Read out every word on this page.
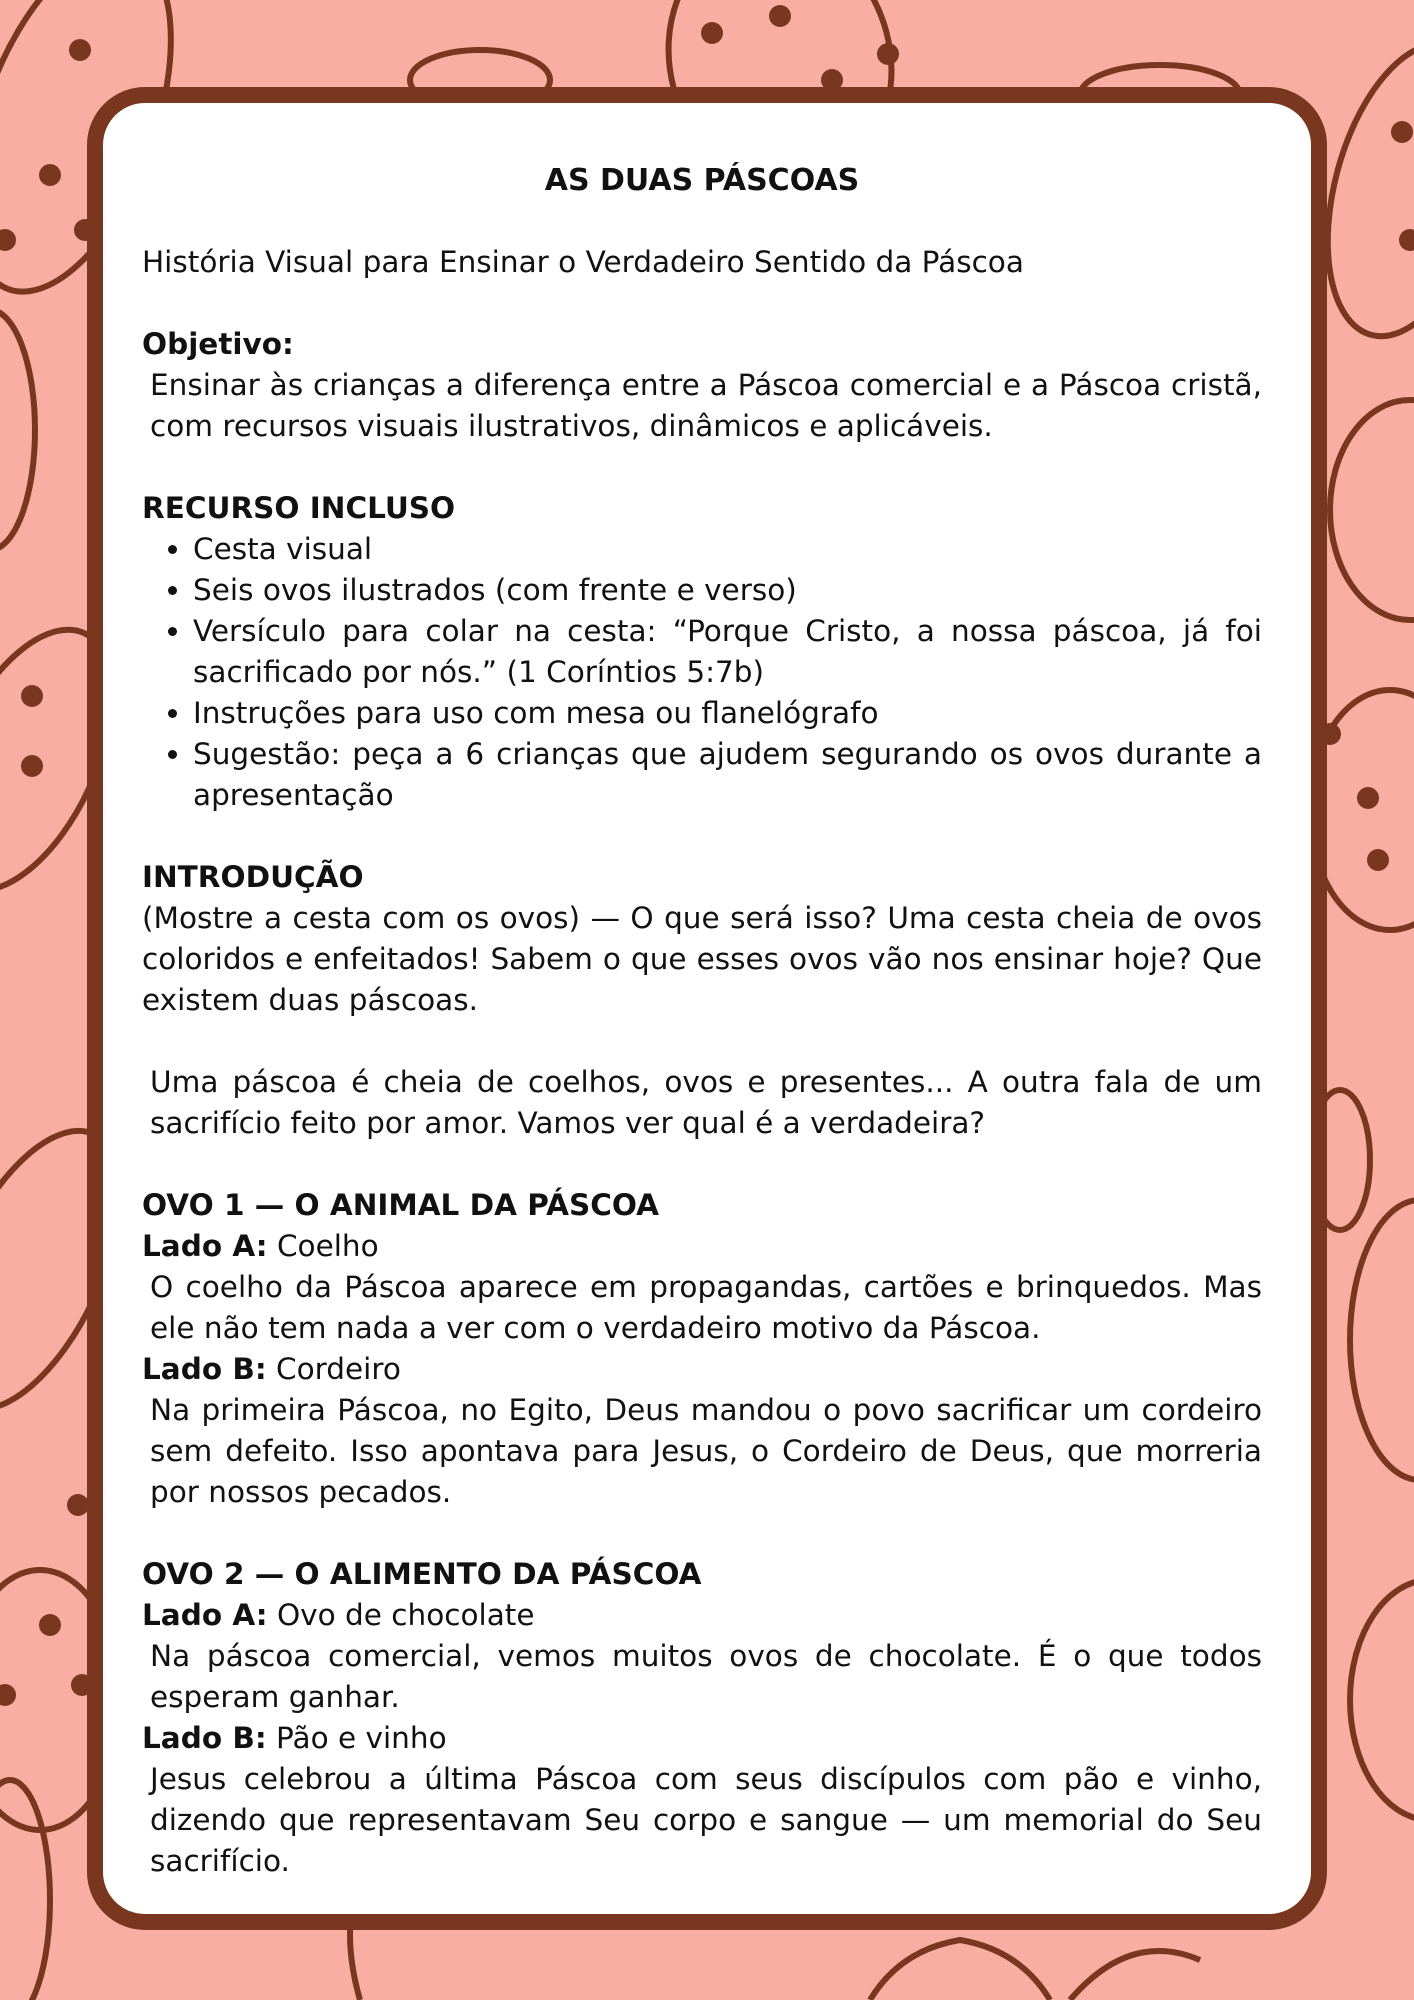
AS DUAS PÁSCOAS

História Visual para Ensinar o Verdadeiro Sentido da Páscoa

Objetivo:

Ensinar às crianças a diferença entre a Páscoa comercial e a Páscoa cristã, com recursos visuais ilustrativos, dinâmicos e aplicáveis.

RECURSO INCLUSO

• Cesta visual
• Seis ovos ilustrados (com frente e verso)
• Versículo para colar na cesta: “Porque Cristo, a nossa páscoa, já foi sacrificado por nós.” (1 Coríntios 5:7b)
• Instruções para uso com mesa ou flanelógrafo
• Sugestão: peça a 6 crianças que ajudem segurando os ovos durante a apresentação

INTRODUÇÃO

(Mostre a cesta com os ovos) — O que será isso? Uma cesta cheia de ovos coloridos e enfeitados! Sabem o que esses ovos vão nos ensinar hoje? Que existem duas páscoas.

Uma páscoa é cheia de coelhos, ovos e presentes... A outra fala de um sacrifício feito por amor. Vamos ver qual é a verdadeira?

OVO 1 — O ANIMAL DA PÁSCOA

Lado A: Coelho

O coelho da Páscoa aparece em propagandas, cartões e brinquedos. Mas ele não tem nada a ver com o verdadeiro motivo da Páscoa.

Lado B: Cordeiro

Na primeira Páscoa, no Egito, Deus mandou o povo sacrificar um cordeiro sem defeito. Isso apontava para Jesus, o Cordeiro de Deus, que morreria por nossos pecados.

OVO 2 — O ALIMENTO DA PÁSCOA

Lado A: Ovo de chocolate

Na páscoa comercial, vemos muitos ovos de chocolate. É o que todos esperam ganhar.

Lado B: Pão e vinho

Jesus celebrou a última Páscoa com seus discípulos com pão e vinho, dizendo que representavam Seu corpo e sangue — um memorial do Seu sacrifício.
